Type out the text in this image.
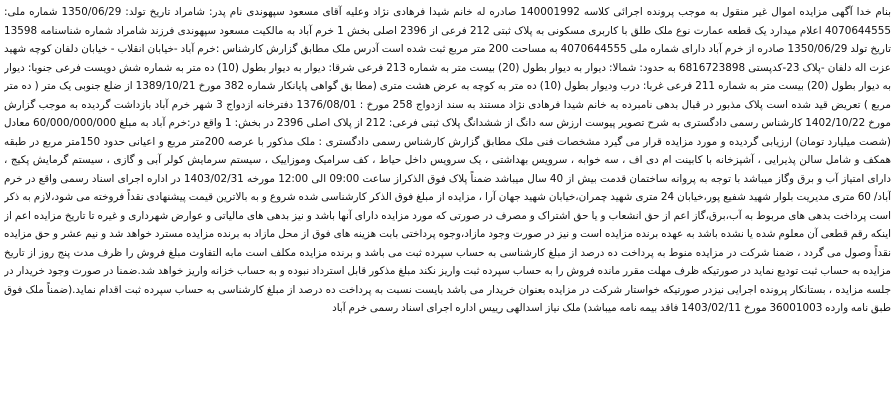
بنام خدا آگهی مزایده اموال غیر منقول به موجب پرونده اجرائی کلاسه 140001992 صادره له خانم شیدا فرهادی نژاد وعلیه آقای مسعود سپهوندی نام پدر: شامراد تاریخ تولد: 1350/06/29 شماره ملی: 4070644555 اعلام میدارد یک قطعه عمارت نوع ملک طلق با کاربری مسکونی به پلاک ثبتی 212 فرعی از 2396 اصلی بخش 1 خرم آباد به مالکیت مسعود سپهوندی فرزند شامراد شماره شناسنامه 13598 تاریخ تولد 1350/06/29 صادره از خرم آباد دارای شماره ملی 4070644555 به مساحت 200 متر مربع ثبت شده است آدرس ملک مطابق گزارش کارشناس :خرم آباد -خیابان انقلاب - خیابان دلفان کوچه شهید عزت اله دلفان -پلاک 23-کدپستی 6816723898 به حدود: شمالا: دیوار به دیوار بطول (20) بیست متر به شماره 213 فرعی شرقا: دیوار به دیوار بطول (10) ده متر به شماره شش دویست فرعی جنوبا: دیوار به دیوار بطول (20) بیست متر به شماره 211 فرعی غربا: درب ودیوار بطول (10) ده متر به کوچه به عرض هشت متری (مطا بق گواهی پایانکار شماره 382 مورخ 1389/10/21 از ضلع جنوبی یک متر ( ده متر مربع ) تعریض قید شده است پلاک مذبور در قبال بدهی نامبرده به خانم شیدا فرهادی نژاد مستند به سند ازدواج 258 مورخ : 1376/08/01 دفترخانه ازدواج 3 شهر خرم آباد بازداشت گردیده به موجب گزارش مورخ 1402/10/22 کارشناس رسمی دادگستری به شرح تصویر پیوست ارزش سه دانگ از ششدانگ پلاک ثبتی فرعی: 212 از پلاک اصلی 2396 در بخش: 1 واقع در:خرم آباد به مبلغ 60/000/000/000 معادل (شصت میلیارد تومان) ارزیابی گردیده و مورد مزایده قرار می گیرد مشخصات فنی ملک مطابق گزارش کارشناس رسمی دادگستری : ملک مذکور با عرصه 200متر مربع و اعیانی حدود 150متر مربع در طبقه همکف و شامل سالن پذیرایی ، آشپزخانه با کابینت ام دی اف ، سه خوابه ، سرویس بهداشتی ، یک سرویس داخل حیاط ، کف سرامیک وموزاییک ، سیستم سرمایش کولر آبی و گازی ، سیستم گرمایش پکیج ، دارای امتیاز آب و برق وگاز میباشد با توجه به پروانه ساختمان قدمت بیش از 40 سال میباشد ضمناً پلاک فوق الذکراز ساعت 09:00 الی 12:00 مورخه 1403/02/31 در اداره اجرای اسناد رسمی واقع در خرم آباد/ 60 متری مدیریت بلوار شهید شفیع پور،خیابان 24 متری شهید چمران،خیابان شهید جهان آرا ، مزایده از مبلغ فوق الذکر کارشناسی شده شروع و به بالاترین قیمت پیشنهادی نقداً فروخته می شود،لازم به ذکر است پرداخت بدهی های مربوط به آب،برق،گاز اعم از حق انشعاب و یا حق اشتراک و مصرف در صورتی که مورد مزایده دارای آنها باشد و نیز بدهی های مالیاتی و عوارض شهرداری و غیره تا تاریخ مزایده اعم از اینکه رقم قطعی آن معلوم شده یا نشده باشد به عهده برنده مزایده است و نیز در صورت وجود مازاد،وجوه پرداختی بابت هزینه های فوق از محل مازاد به برنده مزایده مسترد خواهد شد و نیم عشر و حق مزایده نقداً وصول می گردد ، ضمنا شرکت در مزایده منوط به پرداخت ده درصد از مبلغ کارشناسی به حساب سپرده ثبت می باشد و برنده مزایده مکلف است مابه التفاوت مبلغ فروش را ظرف مدت پنج روز از تاریخ مزایده به حساب ثبت تودیع نماید در صورتیکه ظرف مهلت مقرر مانده فروش را به حساب سپرده ثبت واریز نکند مبلغ مذکور قابل استرداد نبوده و به حساب خزانه واریز خواهد شد.ضمنا در صورت وجود خریدار در جلسه مزایده ، بستانکار پرونده اجرایی نیزدر صورتیکه خواستار شرکت در مزایده بعنوان خریدار می باشد بایست نسبت به پرداخت ده درصد از مبلغ کارشناسی به حساب سپرده ثبت اقدام نماید.(ضمناً ملک فوق طبق نامه وارده 36001003 مورخ 1403/02/11 فاقد بیمه نامه میباشد) ملک نیاز اسدالهی رییس اداره اجرای اسناد رسمی خرم آباد
